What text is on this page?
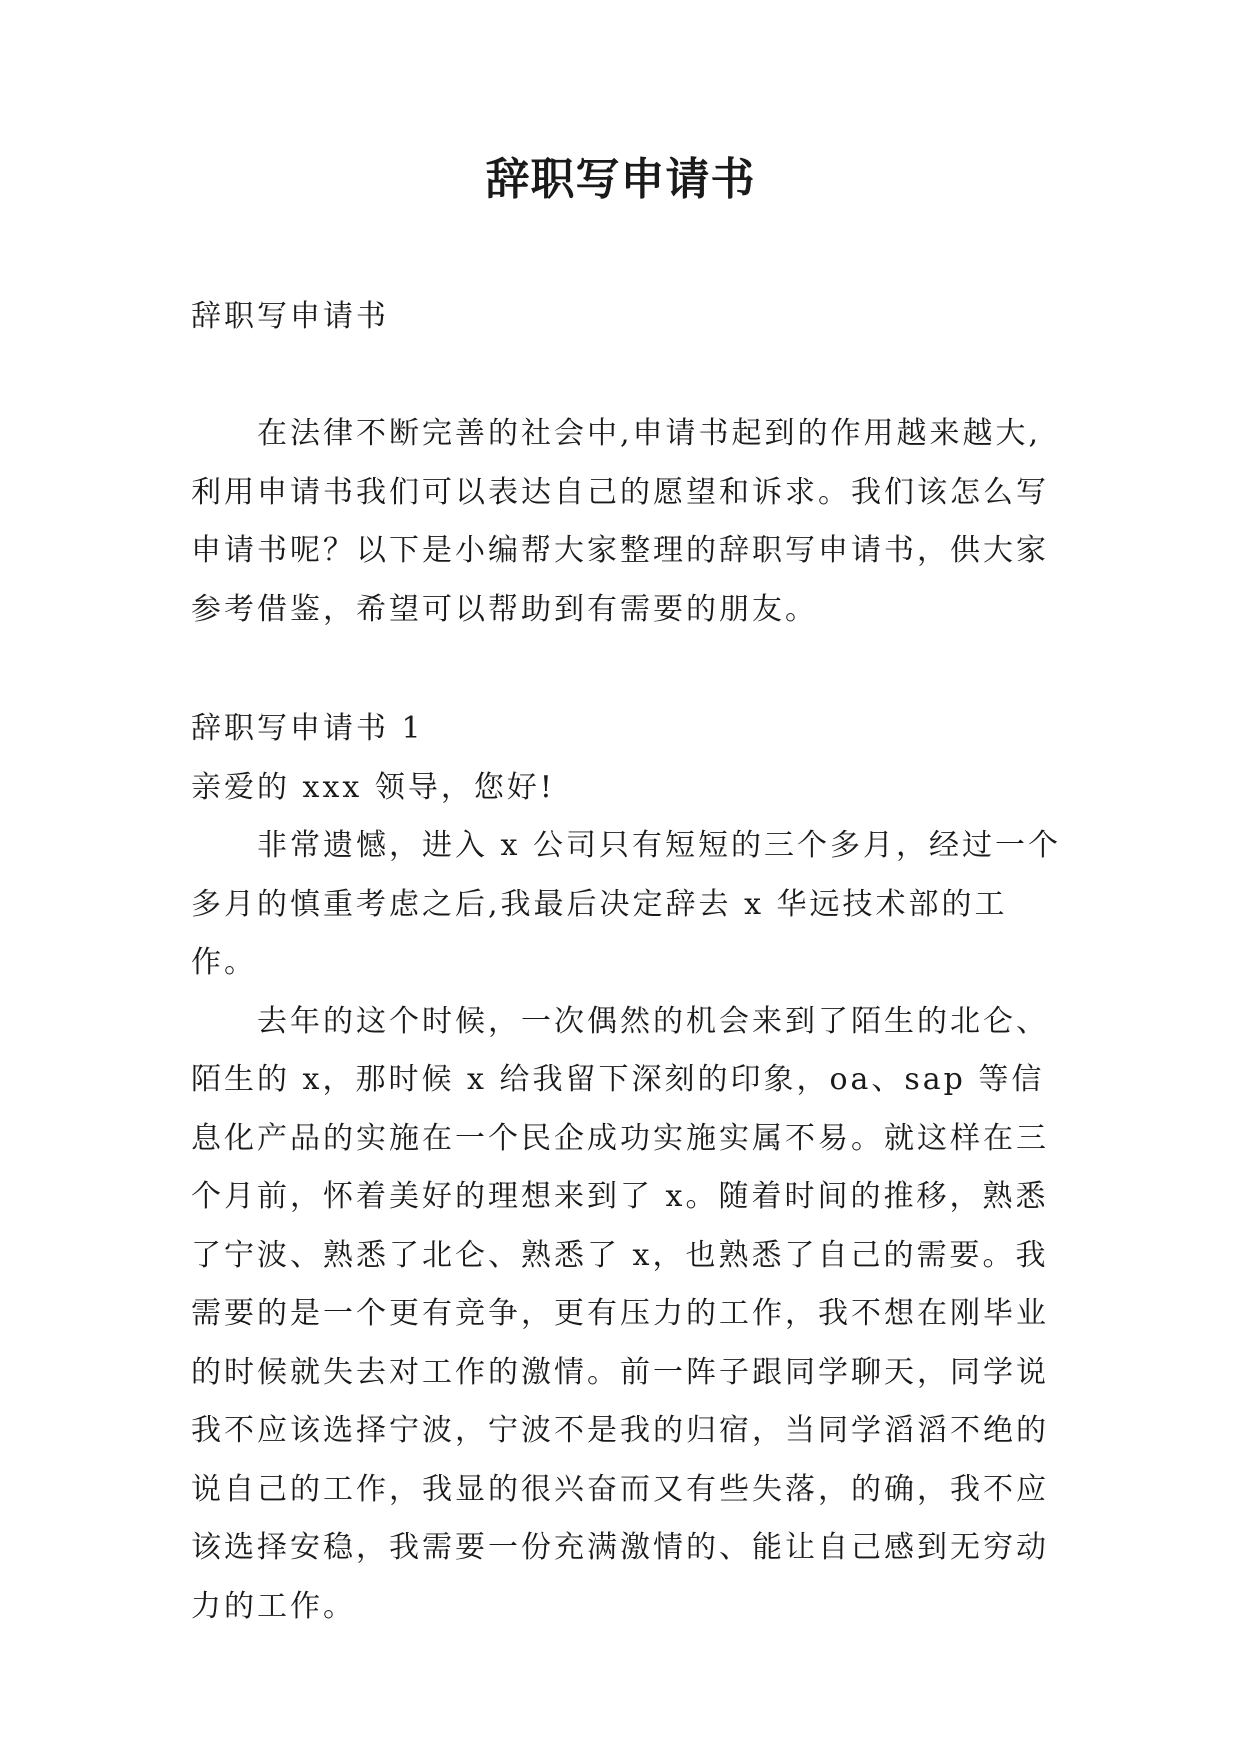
辞职写申请书

辞职写申请书

在法律不断完善的社会中,申请书起到的作用越来越大,利用申请书我们可以表达自己的愿望和诉求。我们该怎么写申请书呢？以下是小编帮大家整理的辞职写申请书，供大家参考借鉴，希望可以帮助到有需要的朋友。

辞职写申请书 1

亲爱的 xxx 领导，您好!

非常遗憾，进入 x 公司只有短短的三个多月，经过一个多月的慎重考虑之后,我最后决定辞去 x 华远技术部的工作。

去年的这个时候，一次偶然的机会来到了陌生的北仑、陌生的 x，那时候 x 给我留下深刻的印象，oa、sap 等信息化产品的实施在一个民企成功实施实属不易。就这样在三个月前，怀着美好的理想来到了 x。随着时间的推移，熟悉了宁波、熟悉了北仑、熟悉了 x，也熟悉了自己的需要。我需要的是一个更有竞争，更有压力的工作，我不想在刚毕业的时候就失去对工作的激情。前一阵子跟同学聊天，同学说我不应该选择宁波，宁波不是我的归宿，当同学滔滔不绝的说自己的工作，我显的很兴奋而又有些失落，的确，我不应该选择安稳，我需要一份充满激情的、能让自己感到无穷动力的工作。
